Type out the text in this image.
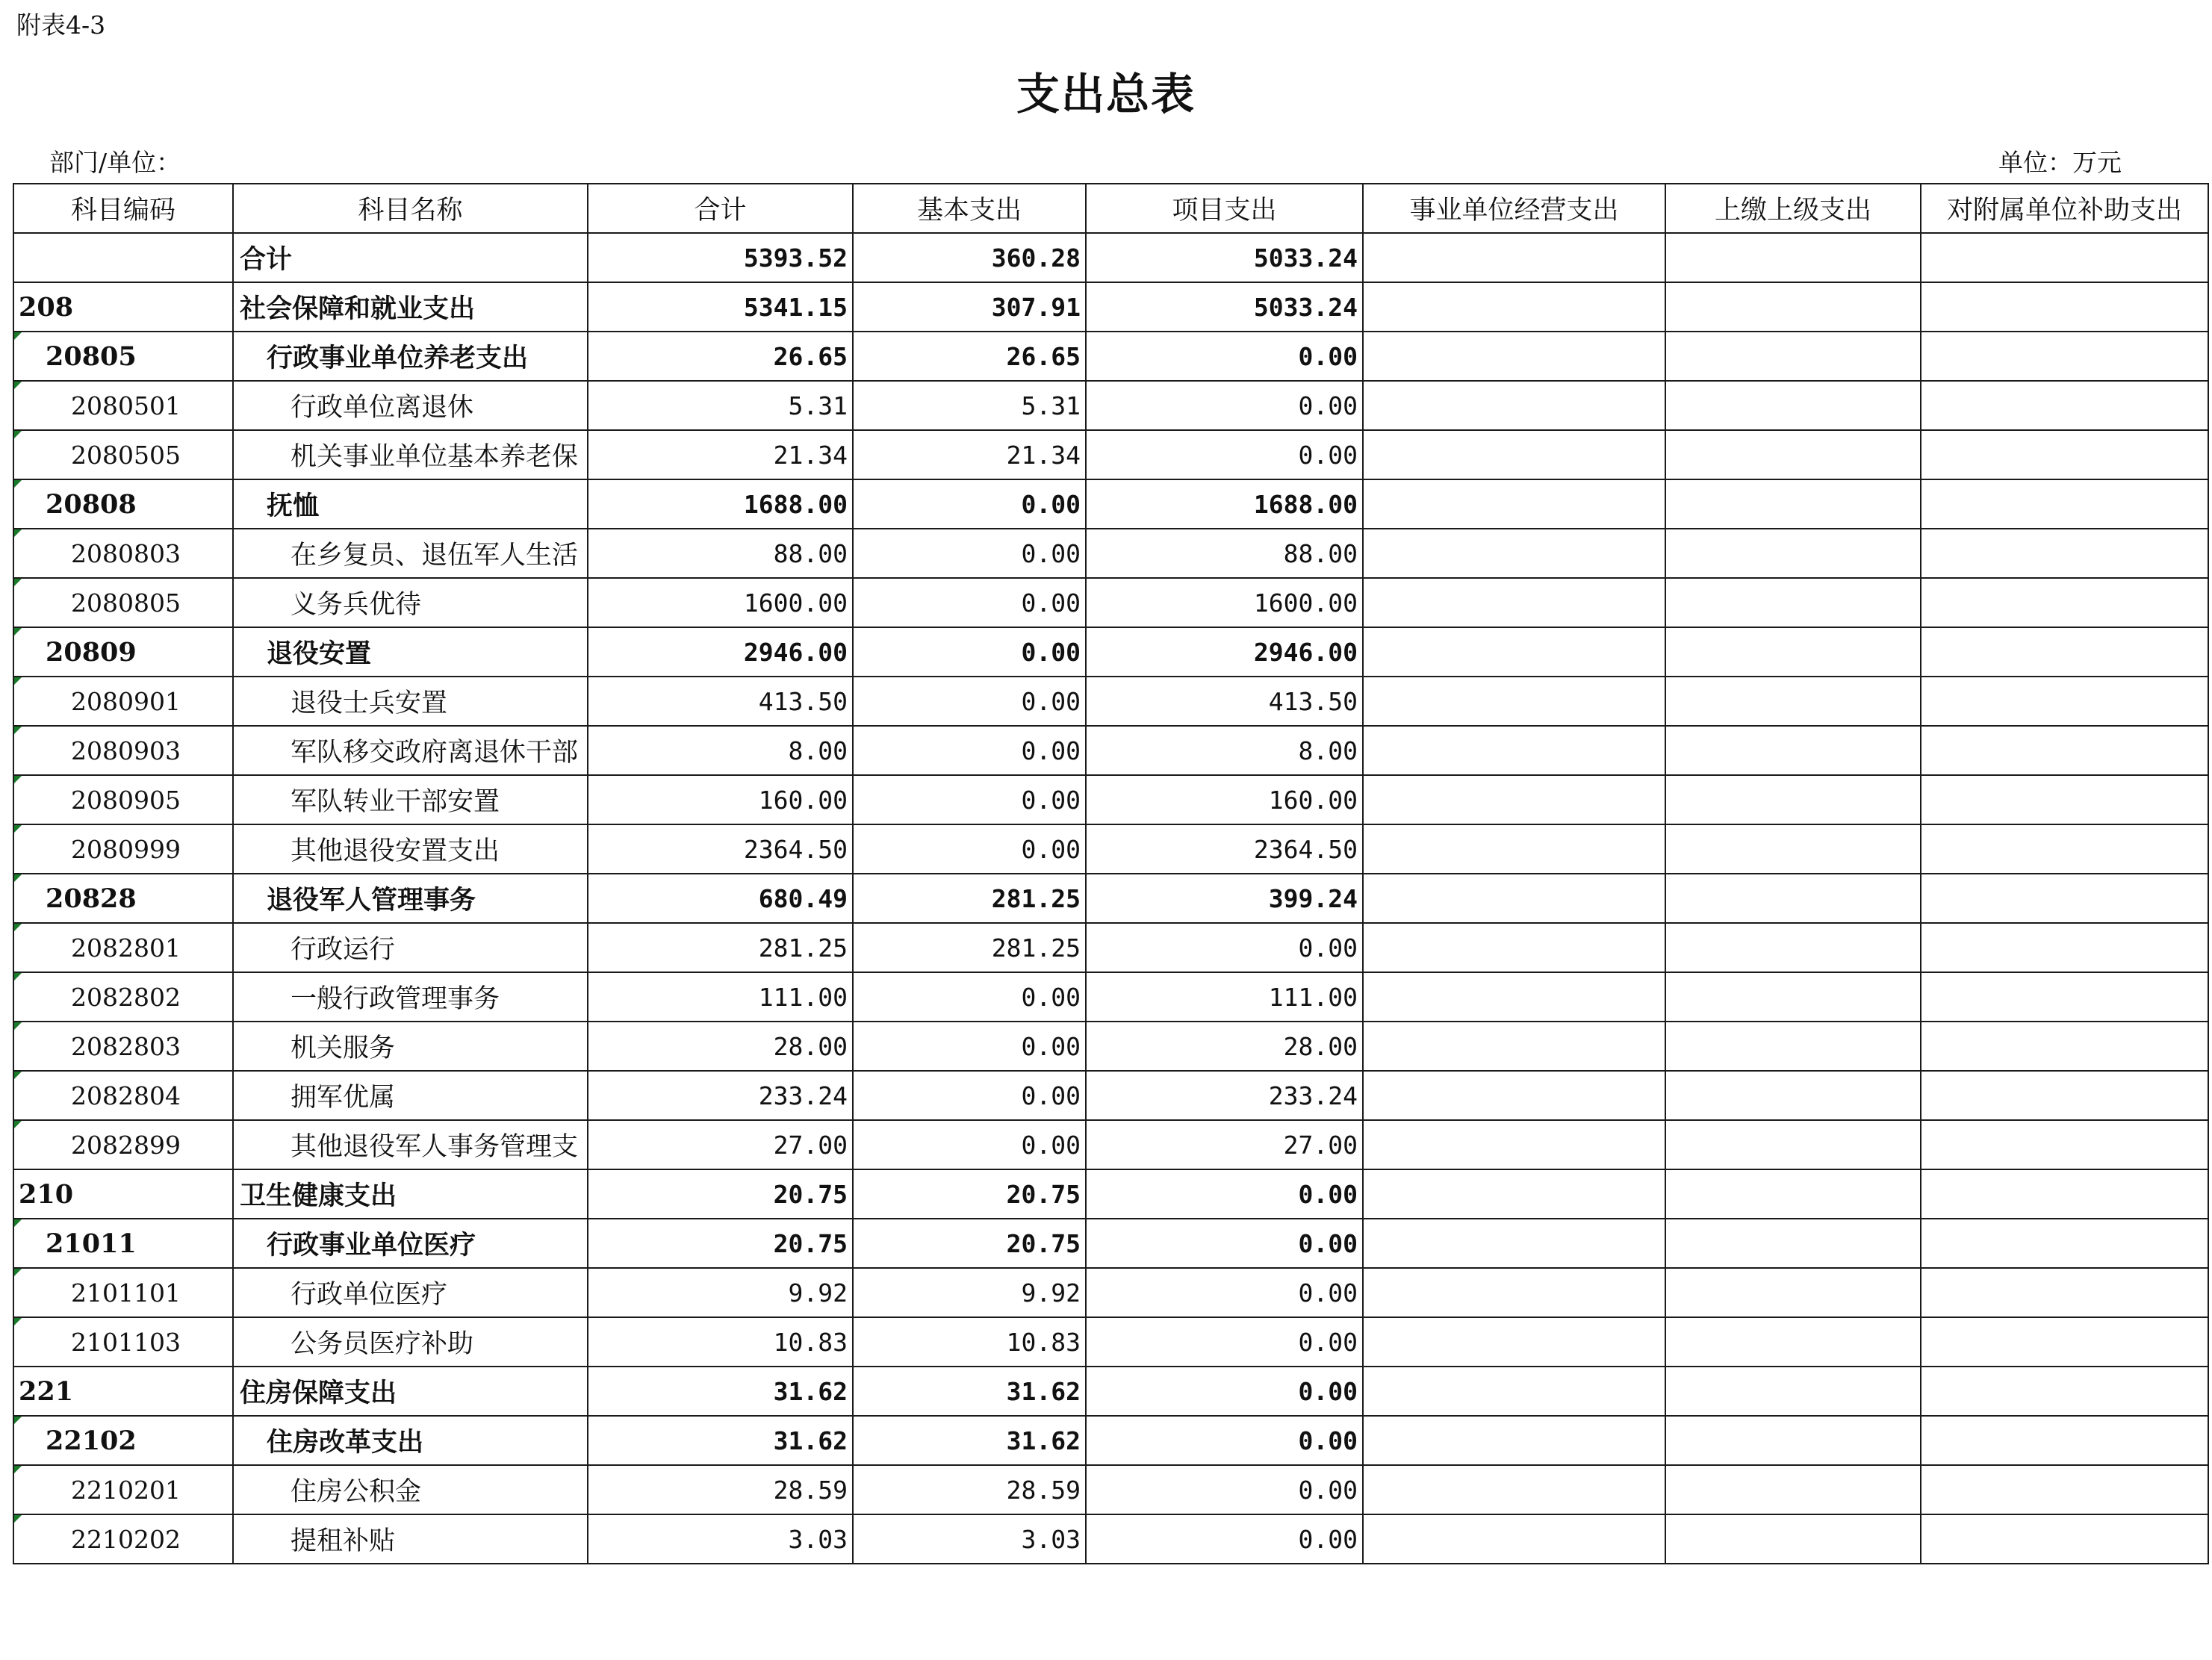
附表4-3
支出总表
部门/单位：	单位：万元
科目编码	科目名称	合计	基本支出	项目支出	事业单位经营支出	上缴上级支出	对附属单位补助支出
	合计	5393.52	360.28	5033.24			
208	社会保障和就业支出	5341.15	307.91	5033.24			

20805	行政事业单位养老支出	26.65	26.65	0.00			

2080501	行政单位离退休	5.31	5.31	0.00			

2080505	机关事业单位基本养老保	21.34	21.34	0.00			

20808	抚恤	1688.00	0.00	1688.00			

2080803	在乡复员、退伍军人生活	88.00	0.00	88.00			

2080805	义务兵优待	1600.00	0.00	1600.00			

20809	退役安置	2946.00	0.00	2946.00			

2080901	退役士兵安置	413.50	0.00	413.50			

2080903	军队移交政府离退休干部	8.00	0.00	8.00			

2080905	军队转业干部安置	160.00	0.00	160.00			

2080999	其他退役安置支出	2364.50	0.00	2364.50			

20828	退役军人管理事务	680.49	281.25	399.24			

2082801	行政运行	281.25	281.25	0.00			

2082802	一般行政管理事务	111.00	0.00	111.00			

2082803	机关服务	28.00	0.00	28.00			

2082804	拥军优属	233.24	0.00	233.24			

2082899	其他退役军人事务管理支	27.00	0.00	27.00			
210	卫生健康支出	20.75	20.75	0.00			

21011	行政事业单位医疗	20.75	20.75	0.00			

2101101	行政单位医疗	9.92	9.92	0.00			

2101103	公务员医疗补助	10.83	10.83	0.00			
221	住房保障支出	31.62	31.62	0.00			

22102	住房改革支出	31.62	31.62	0.00			

2210201	住房公积金	28.59	28.59	0.00			

2210202	提租补贴	3.03	3.03	0.00			
